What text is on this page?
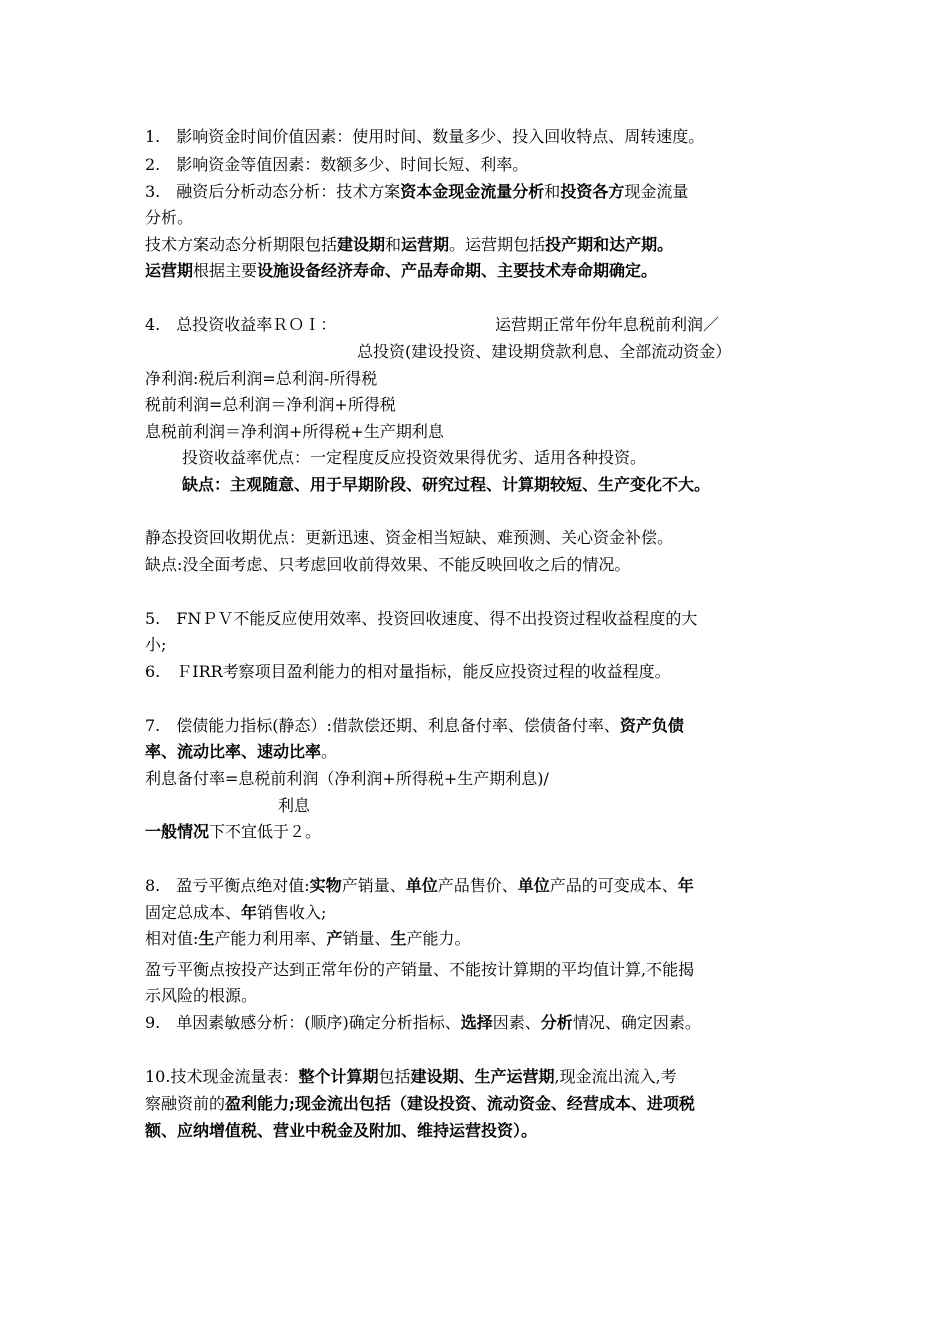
1.　影响资金时间价值因素：使用时间、数量多少、投入回收特点、周转速度。
2.　影响资金等值因素：数额多少、时间长短、利率。
3.　融资后分析动态分析：技术方案资本金现金流量分析和投资各方现金流量
分析。
技术方案动态分析期限包括建设期和运营期。运营期包括投产期和达产期。
运营期根据主要设施设备经济寿命、产品寿命期、主要技术寿命期确定。
4.　总投资收益率ＲＯＩ：	运营期正常年份年息税前利润／
总投资(建设投资、建设期贷款利息、全部流动资金）
净利润:税后利润=总利润-所得税
税前利润=总利润＝净利润+所得税
息税前利润＝净利润+所得税+生产期利息
投资收益率优点：一定程度反应投资效果得优劣、适用各种投资。
缺点：主观随意、用于早期阶段、研究过程、计算期较短、生产变化不大。
静态投资回收期优点：更新迅速、资金相当短缺、难预测、关心资金补偿。
缺点:没全面考虑、只考虑回收前得效果、不能反映回收之后的情况。
5.　FNＰＶ不能反应使用效率、投资回收速度、得不出投资过程收益程度的大
小;
6.　ＦIRR考察项目盈利能力的相对量指标，能反应投资过程的收益程度。
7.　偿债能力指标(静态）:借款偿还期、利息备付率、偿债备付率、资产负债
率、流动比率、速动比率。
利息备付率=息税前利润（净利润+所得税+生产期利息)/
利息
一般情况下不宜低于２。
8.　盈亏平衡点绝对值:实物产销量、单位产品售价、单位产品的可变成本、年
固定总成本、年销售收入;
相对值:生产能力利用率、产销量、生产能力。
盈亏平衡点按投产达到正常年份的产销量、不能按计算期的平均值计算,不能揭
示风险的根源。
9.　单因素敏感分析：(顺序)确定分析指标、选择因素、分析情况、确定因素。
10.技术现金流量表：整个计算期包括建设期、生产运营期,现金流出流入,考
察融资前的盈利能力;现金流出包括（建设投资、流动资金、经营成本、进项税
额、应纳增值税、营业中税金及附加、维持运营投资）。
